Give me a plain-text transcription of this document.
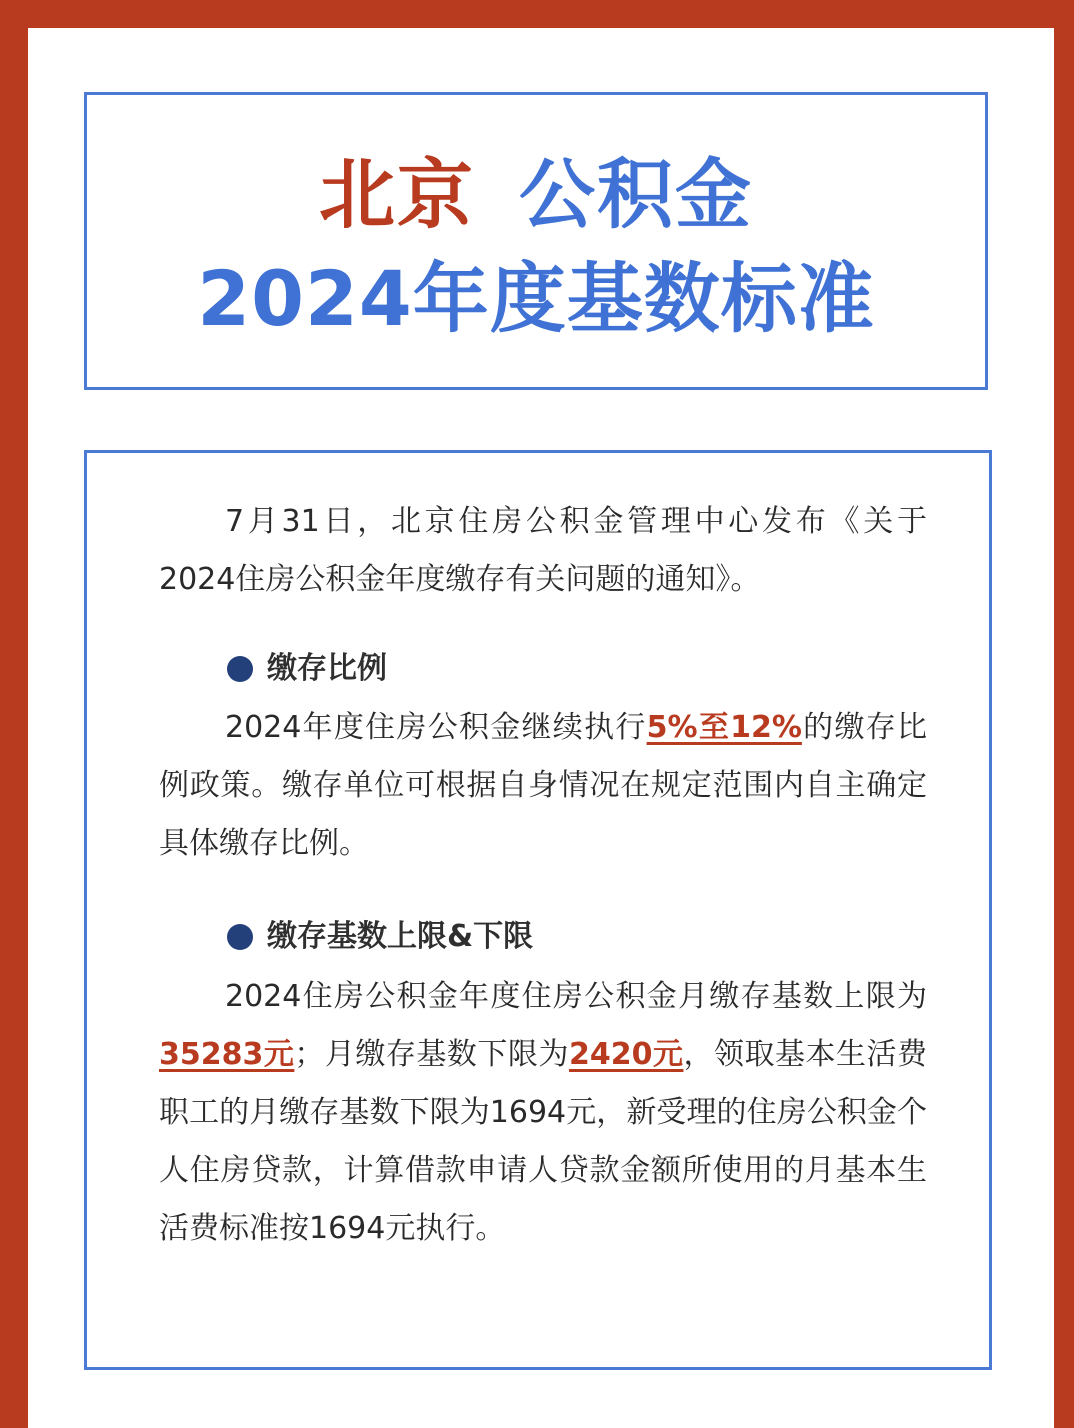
北京 公积金
2024年度基数标准

7月31日，北京住房公积金管理中心发布《关于2024住房公积金年度缴存有关问题的通知》。

缴存比例

2024年度住房公积金继续执行5%至12%的缴存比例政策。缴存单位可根据自身情况在规定范围内自主确定具体缴存比例。

缴存基数上限&下限

2024住房公积金年度住房公积金月缴存基数上限为35283元；月缴存基数下限为2420元，领取基本生活费职工的月缴存基数下限为1694元，新受理的住房公积金个人住房贷款，计算借款申请人贷款金额所使用的月基本生活费标准按1694元执行。
